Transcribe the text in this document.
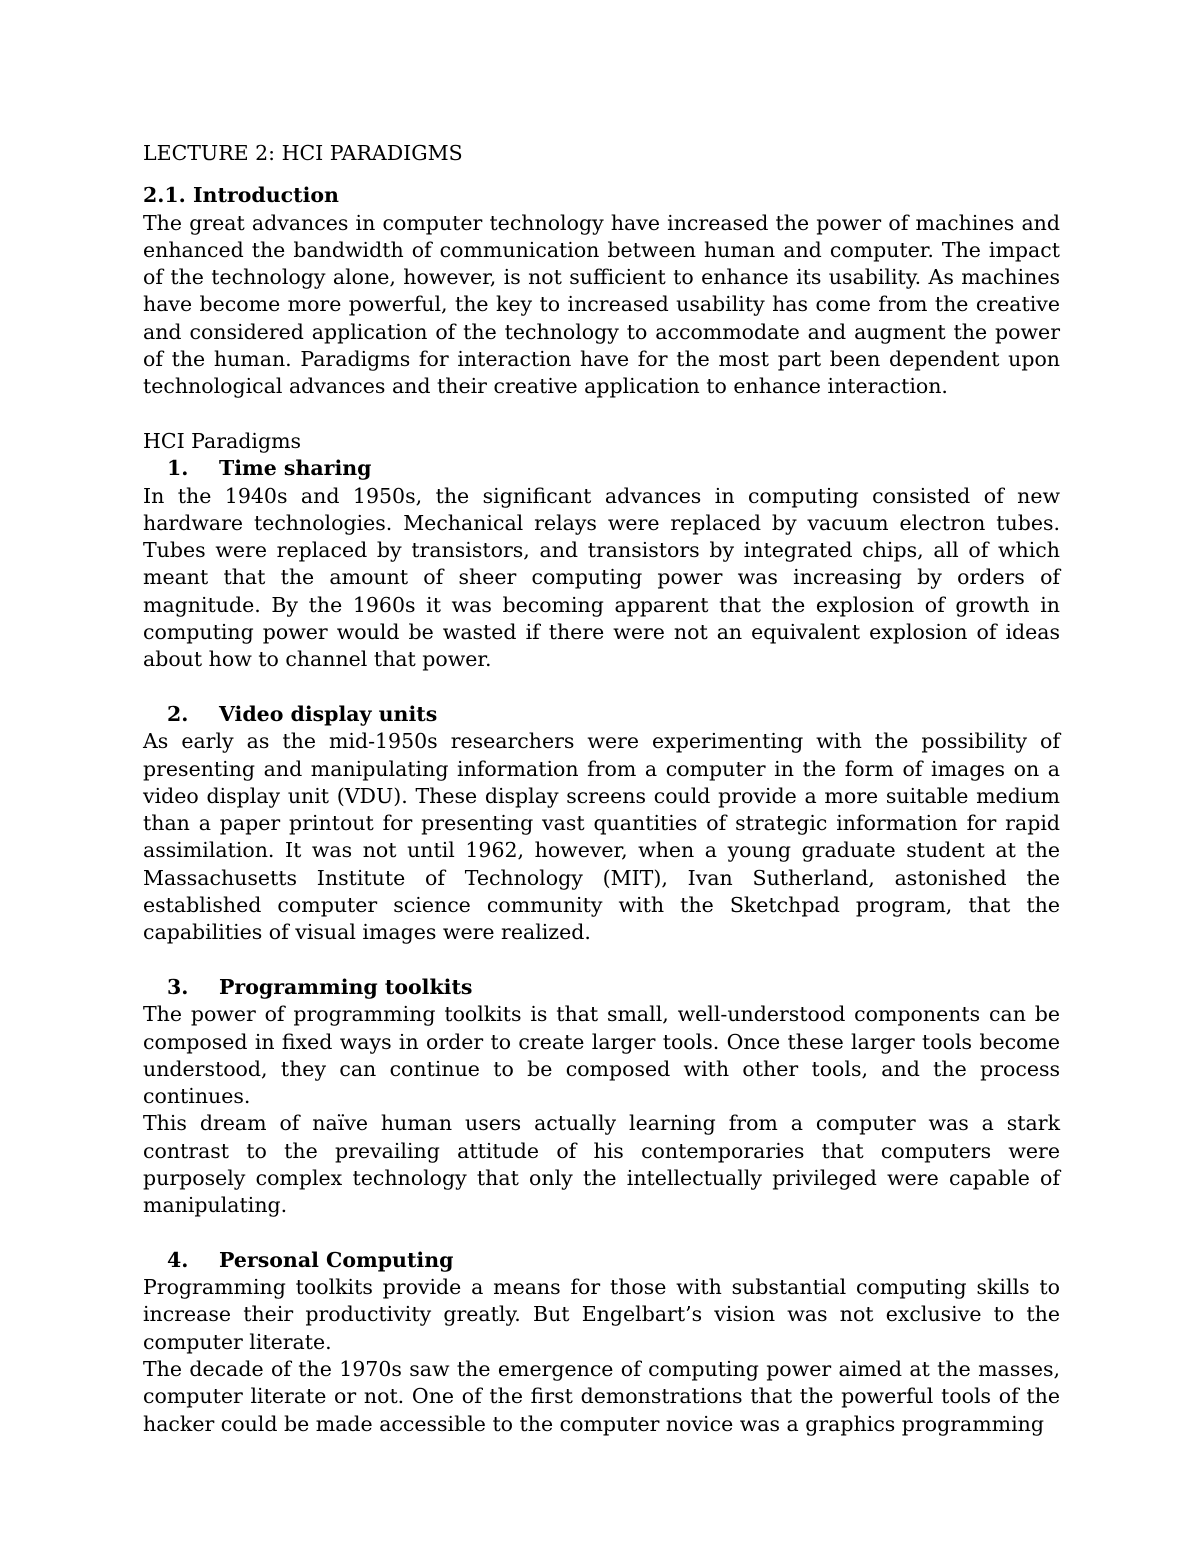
LECTURE 2: HCI PARADIGMS

2.1. Introduction

The great advances in computer technology have increased the power of machines and enhanced the bandwidth of communication between human and computer. The impact of the technology alone, however, is not sufficient to enhance its usability. As machines have become more powerful, the key to increased usability has come from the creative and considered application of the technology to accommodate and augment the power of the human. Paradigms for interaction have for the most part been dependent upon technological advances and their creative application to enhance interaction.

HCI Paradigms

1. Time sharing

In the 1940s and 1950s, the significant advances in computing consisted of new hardware technologies. Mechanical relays were replaced by vacuum electron tubes. Tubes were replaced by transistors, and transistors by integrated chips, all of which meant that the amount of sheer computing power was increasing by orders of magnitude. By the 1960s it was becoming apparent that the explosion of growth in computing power would be wasted if there were not an equivalent explosion of ideas about how to channel that power.

2. Video display units

As early as the mid-1950s researchers were experimenting with the possibility of presenting and manipulating information from a computer in the form of images on a video display unit (VDU). These display screens could provide a more suitable medium than a paper printout for presenting vast quantities of strategic information for rapid assimilation. It was not until 1962, however, when a young graduate student at the Massachusetts Institute of Technology (MIT), Ivan Sutherland, astonished the established computer science community with the Sketchpad program, that the capabilities of visual images were realized.

3. Programming toolkits

The power of programming toolkits is that small, well-understood components can be composed in fixed ways in order to create larger tools. Once these larger tools become understood, they can continue to be composed with other tools, and the process continues.

This dream of naïve human users actually learning from a computer was a stark contrast to the prevailing attitude of his contemporaries that computers were purposely complex technology that only the intellectually privileged were capable of manipulating.

4. Personal Computing

Programming toolkits provide a means for those with substantial computing skills to increase their productivity greatly. But Engelbart’s vision was not exclusive to the computer literate.

The decade of the 1970s saw the emergence of computing power aimed at the masses, computer literate or not. One of the first demonstrations that the powerful tools of the hacker could be made accessible to the computer novice was a graphics programming
